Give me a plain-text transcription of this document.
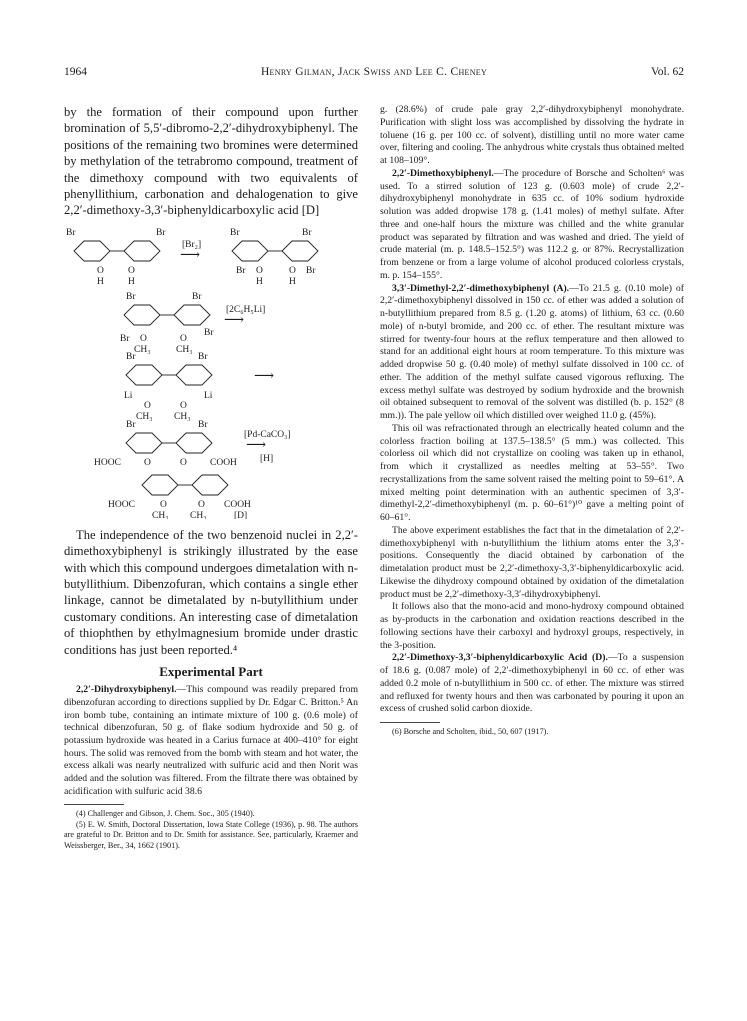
1964	Henry Gilman, Jack Swiss and Lee C. Cheney	Vol. 62

by the formation of their compound upon further bromination of 5,5′-dibromo-2,2′-dihydroxybiphenyl. The positions of the remaining two bromines were determined by methylation of the tetrabromo compound, treatment of the dimethoxy compound with two equivalents of phenyllithium, carbonation and dehalogenation to give 2,2′-dimethoxy-3,3′-biphenyldicarboxylic acid [D]

Br	Br
O	O
H	H
[Br₂]
⟶
Br	Br
Br O	O Br
H	H
Br	Br
Br
Br O	O
CH₃	CH₃
[2C₆H₅Li]
⟶
Br	Br
Li	Li
O	O
CH₃ CH₃
⟶
Br	Br
HOOC O	O COOH
[Pd-CaCO₃]
⟶
[H]
HOOC	O	O COOH
CH₃ CH₃	[D]

The independence of the two benzenoid nuclei in 2,2′-dimethoxybiphenyl is strikingly illustrated by the ease with which this compound undergoes dimetalation with n-butyllithium. Dibenzofuran, which contains a single ether linkage, cannot be dimetalated by n-butyllithium under customary conditions. An interesting case of dimetalation of thiophthen by ethylmagnesium bromide under drastic conditions has just been reported.⁴

Experimental Part

2,2′-Dihydroxybiphenyl.—This compound was readily prepared from dibenzofuran according to directions supplied by Dr. Edgar C. Britton.⁵ An iron bomb tube, containing an intimate mixture of 100 g. (0.6 mole) of technical dibenzofuran, 50 g. of flake sodium hydroxide and 50 g. of potassium hydroxide was heated in a Carius furnace at 400–410° for eight hours. The solid was removed from the bomb with steam and hot water, the excess alkali was nearly neutralized with sulfuric acid and then Norit was added and the solution was filtered. From the filtrate there was obtained by acidification with sulfuric acid 38.6

(4) Challenger and Gibson, J. Chem. Soc., 305 (1940).

(5) E. W. Smith, Doctoral Dissertation, Iowa State College (1936), p. 98. The authors are grateful to Dr. Britton and to Dr. Smith for assistance. See, particularly, Kraemer and Weissberger, Ber., 34, 1662 (1901).

g. (28.6%) of crude pale gray 2,2′-dihydroxybiphenyl monohydrate. Purification with slight loss was accomplished by dissolving the hydrate in toluene (16 g. per 100 cc. of solvent), distilling until no more water came over, filtering and cooling. The anhydrous white crystals thus obtained melted at 108–109°.

2,2′-Dimethoxybiphenyl.—The procedure of Borsche and Scholten⁶ was used. To a stirred solution of 123 g. (0.603 mole) of crude 2,2′-dihydroxybiphenyl monohydrate in 635 cc. of 10% sodium hydroxide solution was added dropwise 178 g. (1.41 moles) of methyl sulfate. After three and one-half hours the mixture was chilled and the white granular product was separated by filtration and was washed and dried. The yield of crude material (m. p. 148.5–152.5°) was 112.2 g. or 87%. Recrystallization from benzene or from a large volume of alcohol produced colorless crystals, m. p. 154–155°.

3,3′-Dimethyl-2,2′-dimethoxybiphenyl (A).—To 21.5 g. (0.10 mole) of 2,2′-dimethoxybiphenyl dissolved in 150 cc. of ether was added a solution of n-butyllithium prepared from 8.5 g. (1.20 g. atoms) of lithium, 63 cc. (0.60 mole) of n-butyl bromide, and 200 cc. of ether. The resultant mixture was stirred for twenty-four hours at the reflux temperature and then allowed to stand for an additional eight hours at room temperature. To this mixture was added dropwise 50 g. (0.40 mole) of methyl sulfate dissolved in 100 cc. of ether. The addition of the methyl sulfate caused vigorous refluxing. The excess methyl sulfate was destroyed by sodium hydroxide and the brownish oil obtained subsequent to removal of the solvent was distilled (b. p. 152° (8 mm.)). The pale yellow oil which distilled over weighed 11.0 g. (45%).

This oil was refractionated through an electrically heated column and the colorless fraction boiling at 137.5–138.5° (5 mm.) was collected. This colorless oil which did not crystallize on cooling was taken up in ethanol, from which it crystallized as needles melting at 53–55°. Two recrystallizations from the same solvent raised the melting point to 59–61°. A mixed melting point determination with an authentic specimen of 3,3′-dimethyl-2,2′-dimethoxybiphenyl (m. p. 60–61°)¹⁰ gave a melting point of 60–61°.

The above experiment establishes the fact that in the dimetalation of 2,2′-dimethoxybiphenyl with n-butyllithium the lithium atoms enter the 3,3′-positions. Consequently the diacid obtained by carbonation of the dimetalation product must be 2,2′-dimethoxy-3,3′-biphenyldicarboxylic acid. Likewise the dihydroxy compound obtained by oxidation of the dimetalation product must be 2,2′-dimethoxy-3,3′-dihydroxybiphenyl.

It follows also that the mono-acid and mono-hydroxy compound obtained as by-products in the carbonation and oxidation reactions described in the following sections have their carboxyl and hydroxyl groups, respectively, in the 3-position.

2,2′-Dimethoxy-3,3′-biphenyldicarboxylic Acid (D).—To a suspension of 18.6 g. (0.087 mole) of 2,2′-dimethoxybiphenyl in 60 cc. of ether was added 0.2 mole of n-butyllithium in 500 cc. of ether. The mixture was stirred and refluxed for twenty hours and then was carbonated by pouring it upon an excess of crushed solid carbon dioxide.

(6) Borsche and Scholten, ibid., 50, 607 (1917).
